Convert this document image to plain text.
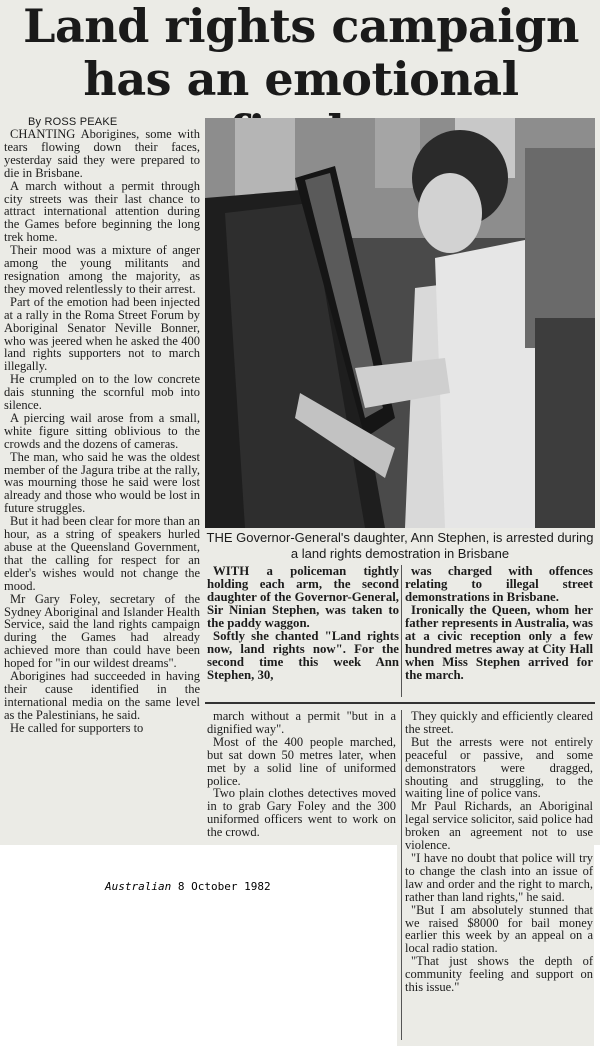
Land rights campaign has an emotional
By ROSS PEAKE

CHANTING Aborigines, some with tears flowing down their faces, yesterday said they were prepared to die in Brisbane.

A march without a permit through city streets was their last chance to attract international attention during the Games before beginning the long trek home.

Their mood was a mixture of anger among the young militants and resignation among the majority, as they moved relentlessly to their arrest.

Part of the emotion had been injected at a rally in the Roma Street Forum by Aboriginal Senator Neville Bonner, who was jeered when he asked the 400 land rights supporters not to march illegally.

He crumpled on to the low concrete dais stunning the scornful mob into silence.

A piercing wail arose from a small, white figure sitting oblivious to the crowds and the dozens of cameras.

The man, who said he was the oldest member of the Jagura tribe at the rally, was mourning those he said were lost already and those who would be lost in future struggles.

But it had been clear for more than an hour, as a string of speakers hurled abuse at the Queensland Government, that the calling for respect for an elder's wishes would not change the mood.

Mr Gary Foley, secretary of the Sydney Aboriginal and Islander Health Service, said the land rights campaign during the Games had already achieved more than could have been hoped for "in our wildest dreams".

Aborigines had succeeded in having their cause identified in the international media on the same level as the Palestinians, he said.

He called for supporters to

THE Governor-General's daughter, Ann Stephen, is arrested during a land rights demostration in Brisbane

WITH a policeman tightly holding each arm, the second daughter of the Governor-General, Sir Ninian Stephen, was taken to the paddy waggon.

Softly she chanted "Land rights now, land rights now". For the second time this week Ann Stephen, 30,

was charged with offences relating to illegal street demonstrations in Brisbane.

Ironically the Queen, whom her father represents in Australia, was at a civic reception only a few hundred metres away at City Hall when Miss Stephen arrived for the march.

march without a permit "but in a dignified way".

Most of the 400 people marched, but sat down 50 metres later, when met by a solid line of uniformed police.

Two plain clothes detectives moved in to grab Gary Foley and the 300 uniformed officers went to work on the crowd.

They quickly and efficiently cleared the street.

But the arrests were not entirely peaceful or passive, and some demonstrators were dragged, shouting and struggling, to the waiting line of police vans.

Mr Paul Richards, an Aboriginal legal service solicitor, said police had broken an agreement not to use violence.

"I have no doubt that police will try to change the clash into an issue of law and order and the right to march, rather than land rights," he said.

"But I am absolutely stunned that we raised $8000 for bail money earlier this week by an appeal on a local radio station.

"That just shows the depth of community feeling and support on this issue."

Australian 8 October 1982
